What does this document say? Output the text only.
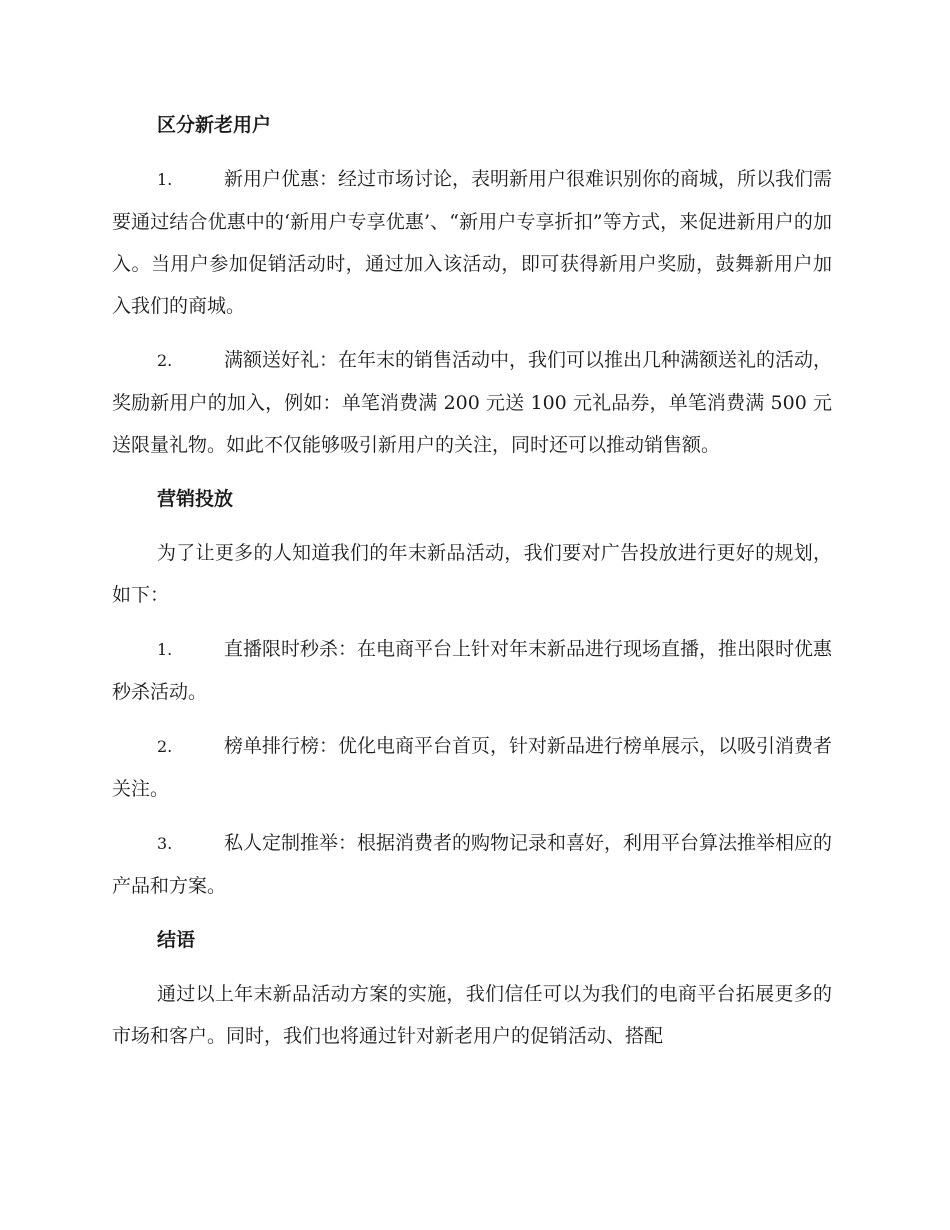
区分新老用户

1.	新用户优惠：经过市场讨论，表明新用户很难识别你的商城，所以我们需要通过结合优惠中的‘新用户专享优惠’、“新用户专享折扣”等方式，来促进新用户的加入。当用户参加促销活动时，通过加入该活动，即可获得新用户奖励，鼓舞新用户加入我们的商城。

2.	满额送好礼：在年末的销售活动中，我们可以推出几种满额送礼的活动，奖励新用户的加入，例如：单笔消费满 200 元送 100 元礼品券，单笔消费满 500 元送限量礼物。如此不仅能够吸引新用户的关注，同时还可以推动销售额。

营销投放

为了让更多的人知道我们的年末新品活动，我们要对广告投放进行更好的规划，如下：

1.	直播限时秒杀：在电商平台上针对年末新品进行现场直播，推出限时优惠秒杀活动。

2.	榜单排行榜：优化电商平台首页，针对新品进行榜单展示，以吸引消费者关注。

3.	私人定制推举：根据消费者的购物记录和喜好，利用平台算法推举相应的产品和方案。

结语

通过以上年末新品活动方案的实施，我们信任可以为我们的电商平台拓展更多的市场和客户。同时，我们也将通过针对新老用户的促销活动、搭配
